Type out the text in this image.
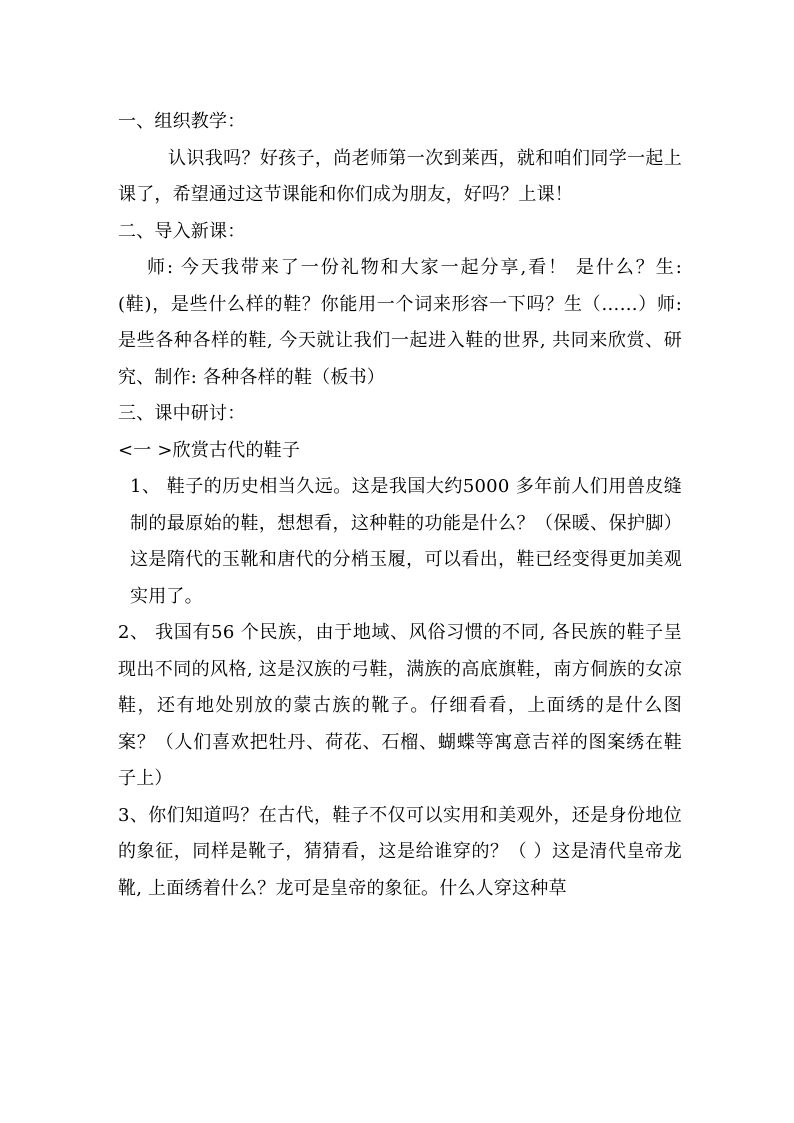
一、组织教学：

认识我吗？好孩子，尚老师第一次到莱西，就和咱们同学一起上课了，希望通过这节课能和你们成为朋友，好吗？上课！

二、导入新课：

师: 今天我带来了一份礼物和大家一起分享,看！ 是什么？生:(鞋)，是些什么样的鞋？你能用一个词来形容一下吗？生（……）师:是些各种各样的鞋, 今天就让我们一起进入鞋的世界, 共同来欣赏、研究、制作: 各种各样的鞋（板书）

三、课中研讨：

<一 >欣赏古代的鞋子

1、 鞋子的历史相当久远。这是我国大约5000 多年前人们用兽皮缝制的最原始的鞋，想想看，这种鞋的功能是什么？（保暖、保护脚）这是隋代的玉靴和唐代的分梢玉履，可以看出，鞋已经变得更加美观实用了。

2、 我国有56 个民族，由于地域、风俗习惯的不同, 各民族的鞋子呈现出不同的风格, 这是汉族的弓鞋，满族的高底旗鞋，南方侗族的女凉鞋，还有地处别放的蒙古族的靴子。仔细看看，上面绣的是什么图案？（人们喜欢把牡丹、荷花、石榴、蝴蝶等寓意吉祥的图案绣在鞋子上）

3、你们知道吗？在古代，鞋子不仅可以实用和美观外，还是身份地位的象征，同样是靴子，猜猜看，这是给谁穿的？（ ）这是清代皇帝龙靴, 上面绣着什么？龙可是皇帝的象征。什么人穿这种草
